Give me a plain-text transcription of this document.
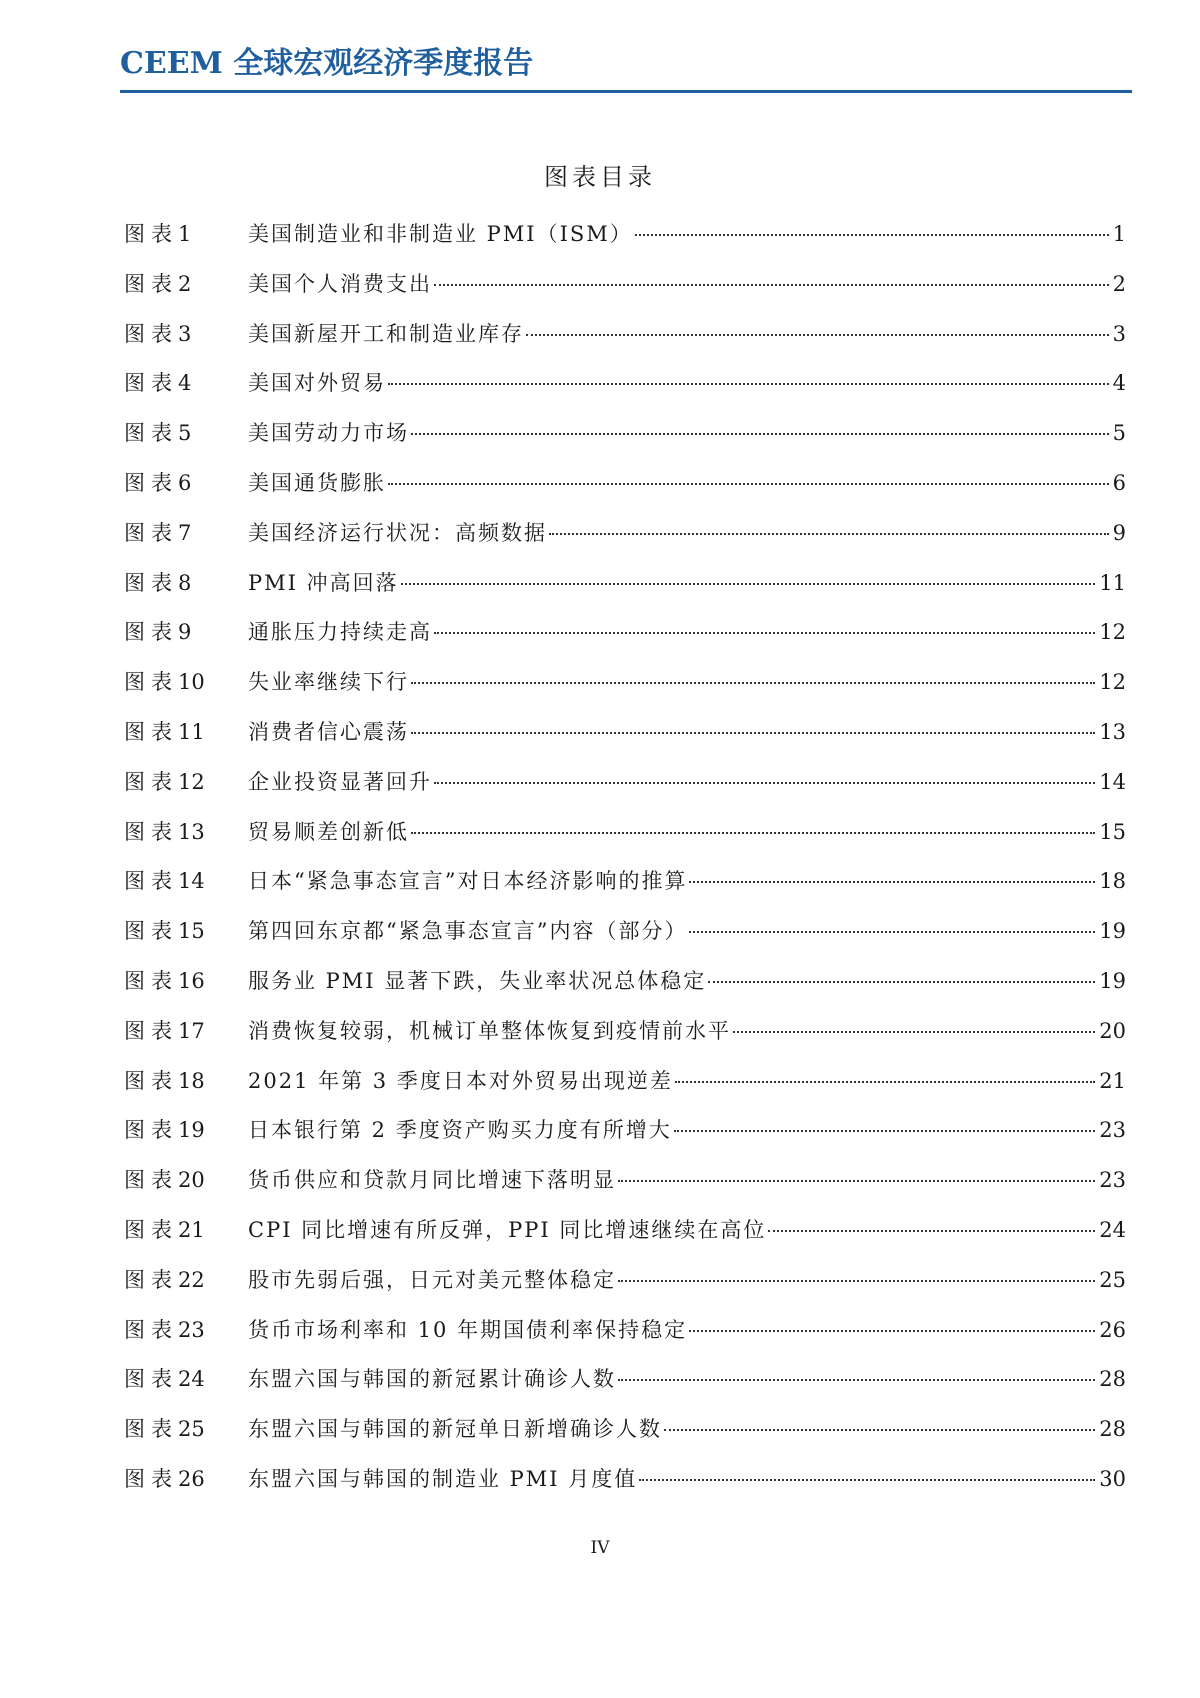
CEEM 全球宏观经济季度报告
图表目录
图表1	美国制造业和非制造业 PMI（ISM）	1
图表2	美国个人消费支出	2
图表3	美国新屋开工和制造业库存	3
图表4	美国对外贸易	4
图表5	美国劳动力市场	5
图表6	美国通货膨胀	6
图表7	美国经济运行状况：高频数据	9
图表8	PMI 冲高回落	11
图表9	通胀压力持续走高	12
图表10	失业率继续下行	12
图表11	消费者信心震荡	13
图表12	企业投资显著回升	14
图表13	贸易顺差创新低	15
图表14	日本“紧急事态宣言”对日本经济影响的推算	18
图表15	第四回东京都“紧急事态宣言”内容（部分）	19
图表16	服务业 PMI 显著下跌，失业率状况总体稳定	19
图表17	消费恢复较弱，机械订单整体恢复到疫情前水平	20
图表18	2021 年第 3 季度日本对外贸易出现逆差	21
图表19	日本银行第 2 季度资产购买力度有所增大	23
图表20	货币供应和贷款月同比增速下落明显	23
图表21	CPI 同比增速有所反弹，PPI 同比增速继续在高位	24
图表22	股市先弱后强，日元对美元整体稳定	25
图表23	货币市场利率和 10 年期国债利率保持稳定	26
图表24	东盟六国与韩国的新冠累计确诊人数	28
图表25	东盟六国与韩国的新冠单日新增确诊人数	28
图表26	东盟六国与韩国的制造业 PMI 月度值	30
IV
